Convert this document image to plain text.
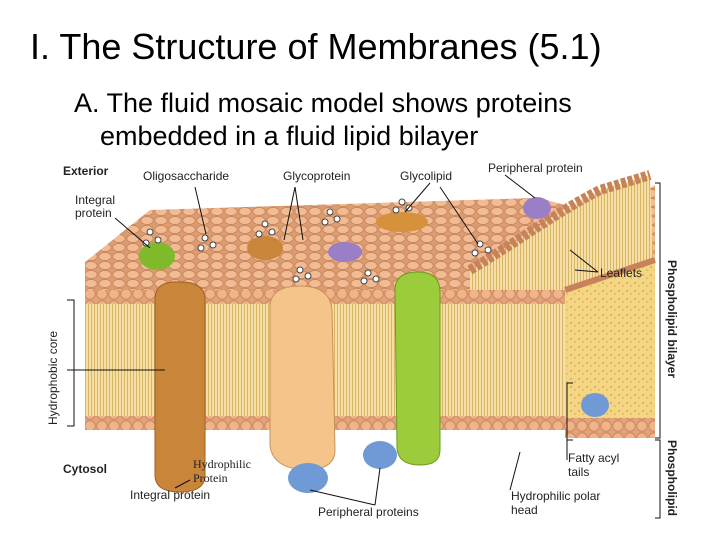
I. The Structure of Membranes (5.1)
A. The fluid mosaic model shows proteins
embedded in a fluid lipid bilayer
Exterior
Integral
protein
Oligosaccharide	Glycoprotein	Glycolipid
Peripheral protein
Leaflets
Hydrophobic core	Phospholipid bilayer
Phospholipid
Cytosol	Hydrophilic
Protein
Integral protein
Peripheral proteins
Fatty acyl
tails
Hydrophilic polar
head
